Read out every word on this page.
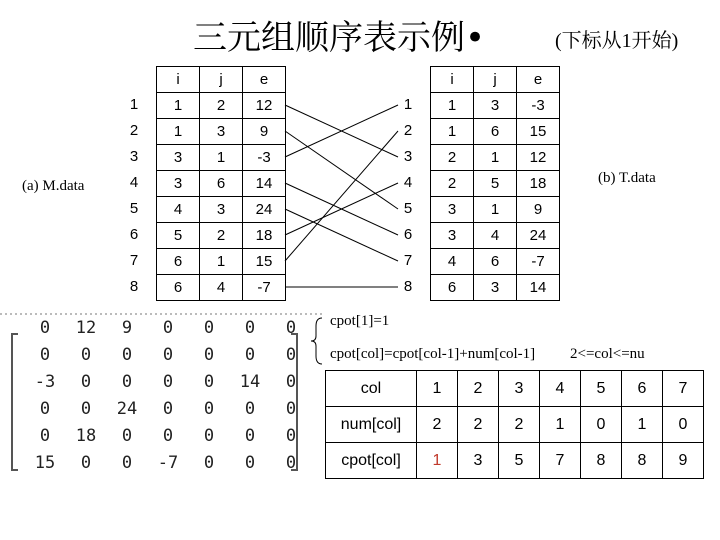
三元组顺序表示例•	(下标从1开始)
(a) M.data	(b) T.data
1
2
3
4
5
6
7
8
i	j	e
1	2	12
1	3	9
3	1	-3
3	6	14
4	3	24
5	2	18
6	1	15
6	4	-7
1
2
3
4
5
6
7
8
i	j	e
1	3	-3
1	6	15
2	1	12
2	5	18
3	1	9
3	4	24
4	6	-7
6	3	14
0	12	9	0	0	0	0
0	0	0	0	0	0	0
-3	0	0	0	0	14	0
0	0	24	0	0	0	0
0	18	0	0	0	0	0
15	0	0	-7	0	0	0
cpot[1]=1
cpot[col]=cpot[col-1]+num[col-1] 2<=col<=nu
col	1	2	3	4	5	6	7
num[col]	2	2	2	1	0	1	0
cpot[col]	1	3	5	7	8	8	9
